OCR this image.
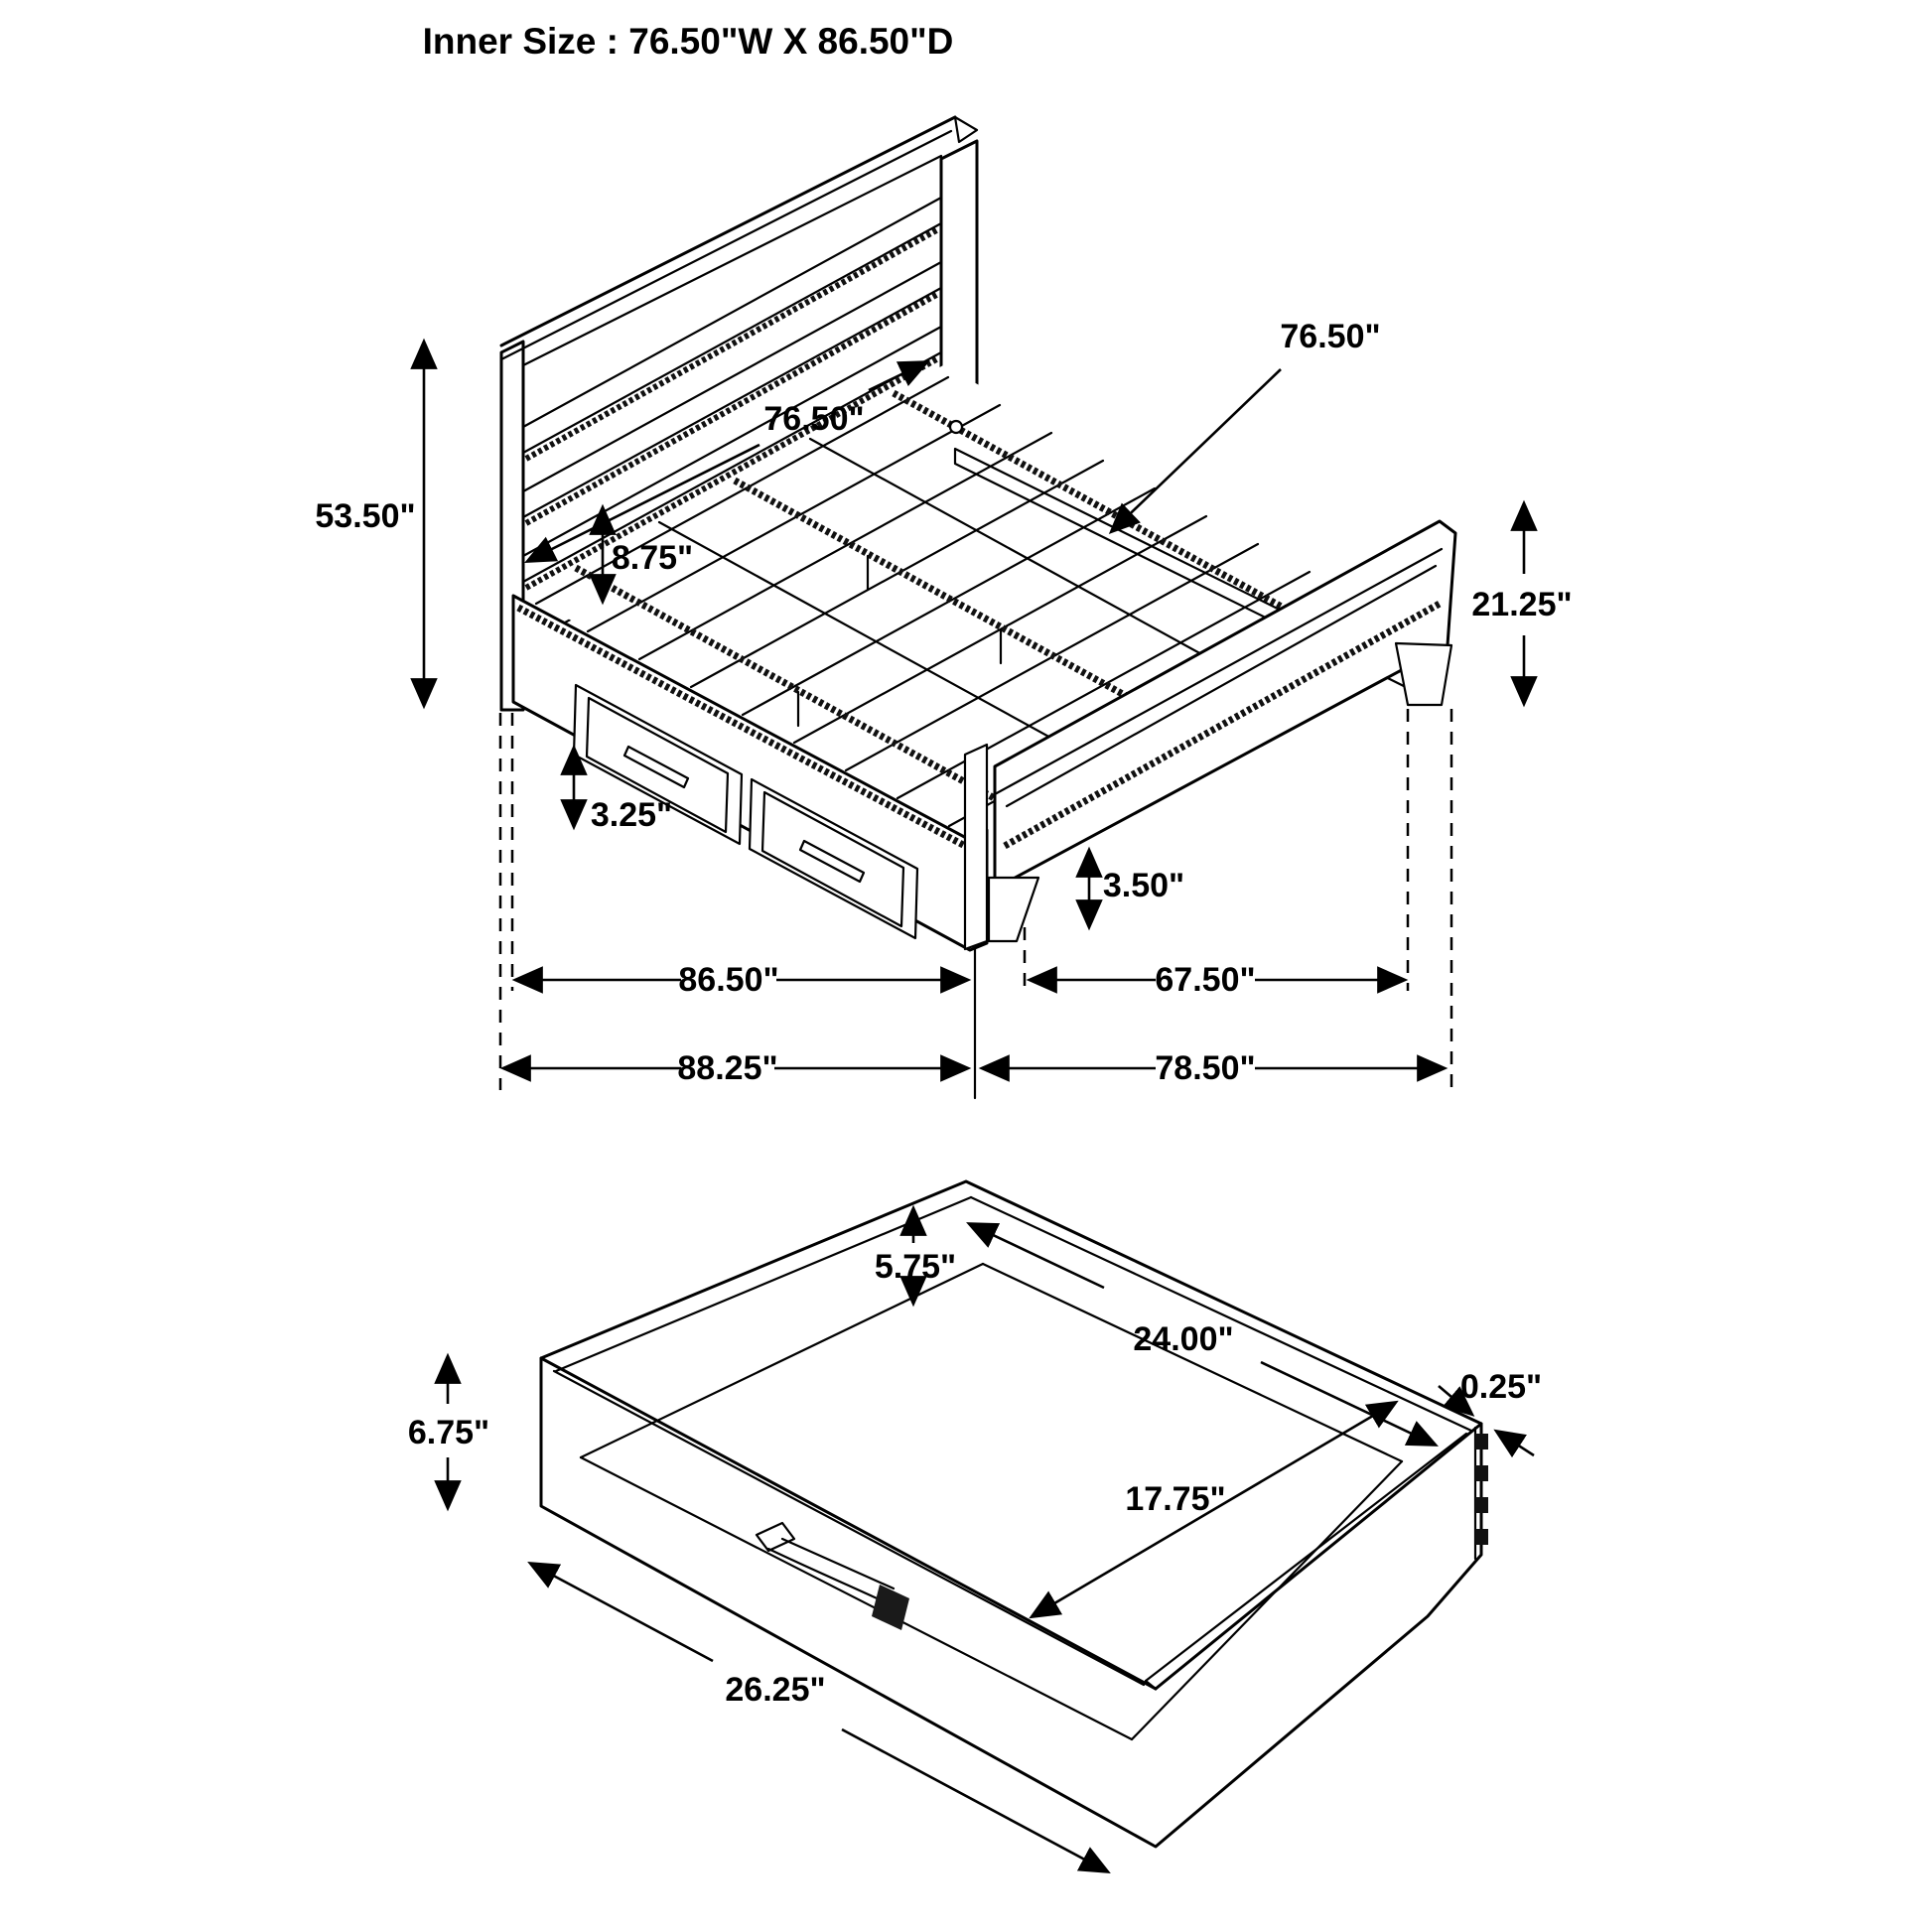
Inner Size : 76.50"W X 86.50"D
53.50"
76.50"
8.75"
76.50"
21.25"
3.25"
3.50"
86.50"	67.50"
88.25"	78.50"
6.75"
5.75"
24.00"
0.25"
17.75"
26.25"
